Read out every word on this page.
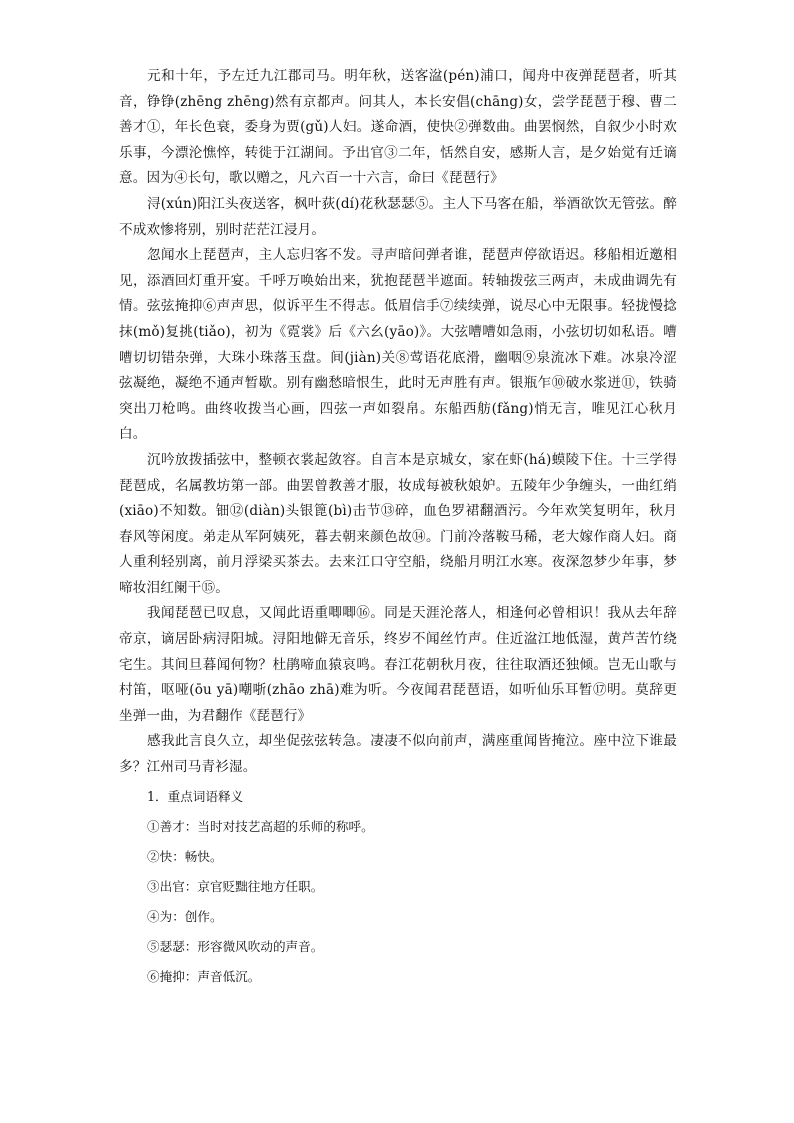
元和十年，予左迁九江郡司马。明年秋，送客湓(pén)浦口，闻舟中夜弹琵琶者，听其音，铮铮(zhēng zhēng)然有京都声。问其人，本长安倡(chāng)女，尝学琵琶于穆、曹二善才①，年长色衰，委身为贾(gǔ)人妇。遂命酒，使快②弹数曲。曲罢悯然，自叙少小时欢乐事，今漂沦憔悴，转徙于江湖间。予出官③二年，恬然自安，感斯人言，是夕始觉有迁谪意。因为④长句，歌以赠之，凡六百一十六言，命曰《琵琶行》

浔(xún)阳江头夜送客，枫叶荻(dí)花秋瑟瑟⑤。主人下马客在船，举酒欲饮无管弦。醉不成欢惨将别，别时茫茫江浸月。

忽闻水上琵琶声，主人忘归客不发。寻声暗问弹者谁，琵琶声停欲语迟。移船相近邀相见，添酒回灯重开宴。千呼万唤始出来，犹抱琵琶半遮面。转轴拨弦三两声，未成曲调先有情。弦弦掩抑⑥声声思，似诉平生不得志。低眉信手⑦续续弹，说尽心中无限事。轻拢慢捻抹(mǒ)复挑(tiǎo)，初为《霓裳》后《六幺(yāo)》。大弦嘈嘈如急雨，小弦切切如私语。嘈嘈切切错杂弹，大珠小珠落玉盘。间(jiàn)关⑧莺语花底滑，幽咽⑨泉流冰下难。冰泉冷涩弦凝绝，凝绝不通声暂歇。别有幽愁暗恨生，此时无声胜有声。银瓶乍⑩破水浆迸⑪，铁骑突出刀枪鸣。曲终收拨当心画，四弦一声如裂帛。东船西舫(fǎng)悄无言，唯见江心秋月白。

沉吟放拨插弦中，整顿衣裳起敛容。自言本是京城女，家在虾(há)蟆陵下住。十三学得琵琶成，名属教坊第一部。曲罢曾教善才服，妆成每被秋娘妒。五陵年少争缠头，一曲红绡(xiāo)不知数。钿⑫(diàn)头银篦(bì)击节⑬碎，血色罗裙翻酒污。今年欢笑复明年，秋月春风等闲度。弟走从军阿姨死，暮去朝来颜色故⑭。门前冷落鞍马稀，老大嫁作商人妇。商人重利轻别离，前月浮梁买茶去。去来江口守空船，绕船月明江水寒。夜深忽梦少年事，梦啼妆泪红阑干⑮。

我闻琵琶已叹息，又闻此语重唧唧⑯。同是天涯沦落人，相逢何必曾相识！我从去年辞帝京，谪居卧病浔阳城。浔阳地僻无音乐，终岁不闻丝竹声。住近湓江地低湿，黄芦苦竹绕宅生。其间旦暮闻何物？杜鹃啼血猿哀鸣。春江花朝秋月夜，往往取酒还独倾。岂无山歌与村笛，呕哑(ōu yā)嘲哳(zhāo zhā)难为听。今夜闻君琵琶语，如听仙乐耳暂⑰明。莫辞更坐弹一曲，为君翻作《琵琶行》

感我此言良久立，却坐促弦弦转急。凄凄不似向前声，满座重闻皆掩泣。座中泣下谁最多？江州司马青衫湿。

1．重点词语释义

①善才：当时对技艺高超的乐师的称呼。

②快：畅快。

③出官：京官贬黜往地方任职。

④为：创作。

⑤瑟瑟：形容微风吹动的声音。

⑥掩抑：声音低沉。
